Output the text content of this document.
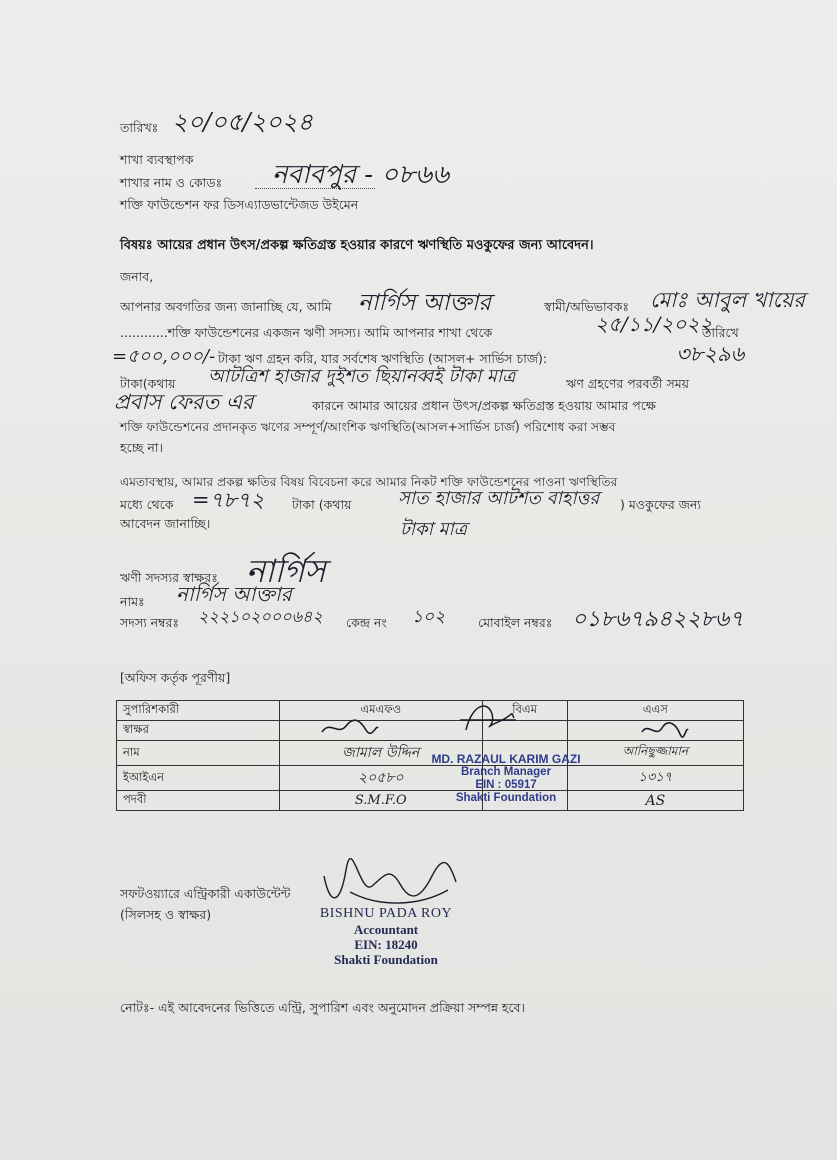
তারিখঃ ২০/০৫/২০২৪
শাখা ব্যবস্থাপক
শাখার নাম ও কোডঃ নবাবপুর - ০৮৬৬
শক্তি ফাউন্ডেশন ফর ডিসএ্যাডভান্টেজড উইমেন
বিষয়ঃ আয়ের প্রধান উৎস/প্রকল্প ক্ষতিগ্রস্ত হওয়ার কারণে ঋণস্থিতি মওকুফের জন্য আবেদন।
জনাব,
আপনার অবগতির জন্য জানাচ্ছি যে, আমি নার্গিস আক্তার	স্বামী/অভিভাবকঃ মোঃ আবুল খায়ের
............শক্তি ফাউন্ডেশনের একজন ঋণী সদস্য। আমি আপনার শাখা থেকে	২৫/১১/২০২২
তারিখে
=৫০০,০০০/- টাকা ঋণ গ্রহন করি, যার সর্বশেষ ঋণস্থিতি (আসল+ সার্ভিস চার্জ):	৩৮২৯৬
টাকা(কথায় আটত্রিশ হাজার দুইশত ছিয়ানব্বই টাকা মাত্র	ঋণ গ্রহণের পরবর্তী সময়
প্রবাস ফেরত এর	কারনে আমার আয়ের প্রধান উৎস/প্রকল্প ক্ষতিগ্রস্ত হওয়ায় আমার পক্ষে
শক্তি ফাউন্ডেশনের প্রদানকৃত ঋণের সম্পূর্ণ/আংশিক ঋণস্থিতি(আসল+সার্ভিস চার্জ) পরিশোধ করা সম্ভব
হচ্ছে না।
এমতাবস্থায়, আমার প্রকল্প ক্ষতির বিষয় বিবেচনা করে আমার নিকট শক্তি ফাউন্ডেশনের পাওনা ঋণস্থিতির
মধ্যে থেকে =৭৮৭২ টাকা (কথায়	সাত হাজার আটশত বাহাত্তর ) মওকুফের জন্য
টাকা মাত্র
আবেদন জানাচ্ছি।
ঋণী সদস্যর স্বাক্ষরঃ নার্গিস
নামঃ নার্গিস আক্তার
সদস্য নম্বরঃ ২২২১০২০০০৬৪২ কেন্দ্র নং ১০২	মোবাইল নম্বরঃ ০১৮৬৭৯৪২২৮৬৭
[অফিস কর্তৃক পূরণীয়]
সুপারিশকারী	এমএফও	বিএম	এএস
স্বাক্ষর			
নাম	জামাল উদ্দিন		আনিছুজ্জামান
ইআইএন	২০৫৮০		১৩১৭
পদবী	S.M.F.O		AS
MD. RAZAUL KARIM GAZI
Branch Manager
EIN : 05917
Shakti Foundation
সফটওয়্যারে এন্ট্রিকারী একাউন্টেন্ট
(সিলসহ ও স্বাক্ষর)	BISHNU PADA ROY
Accountant
EIN: 18240
Shakti Foundation
নোটঃ- এই আবেদনের ভিত্তিতে এন্ট্রি, সুপারিশ এবং অনুমোদন প্রক্রিয়া সম্পন্ন হবে।
